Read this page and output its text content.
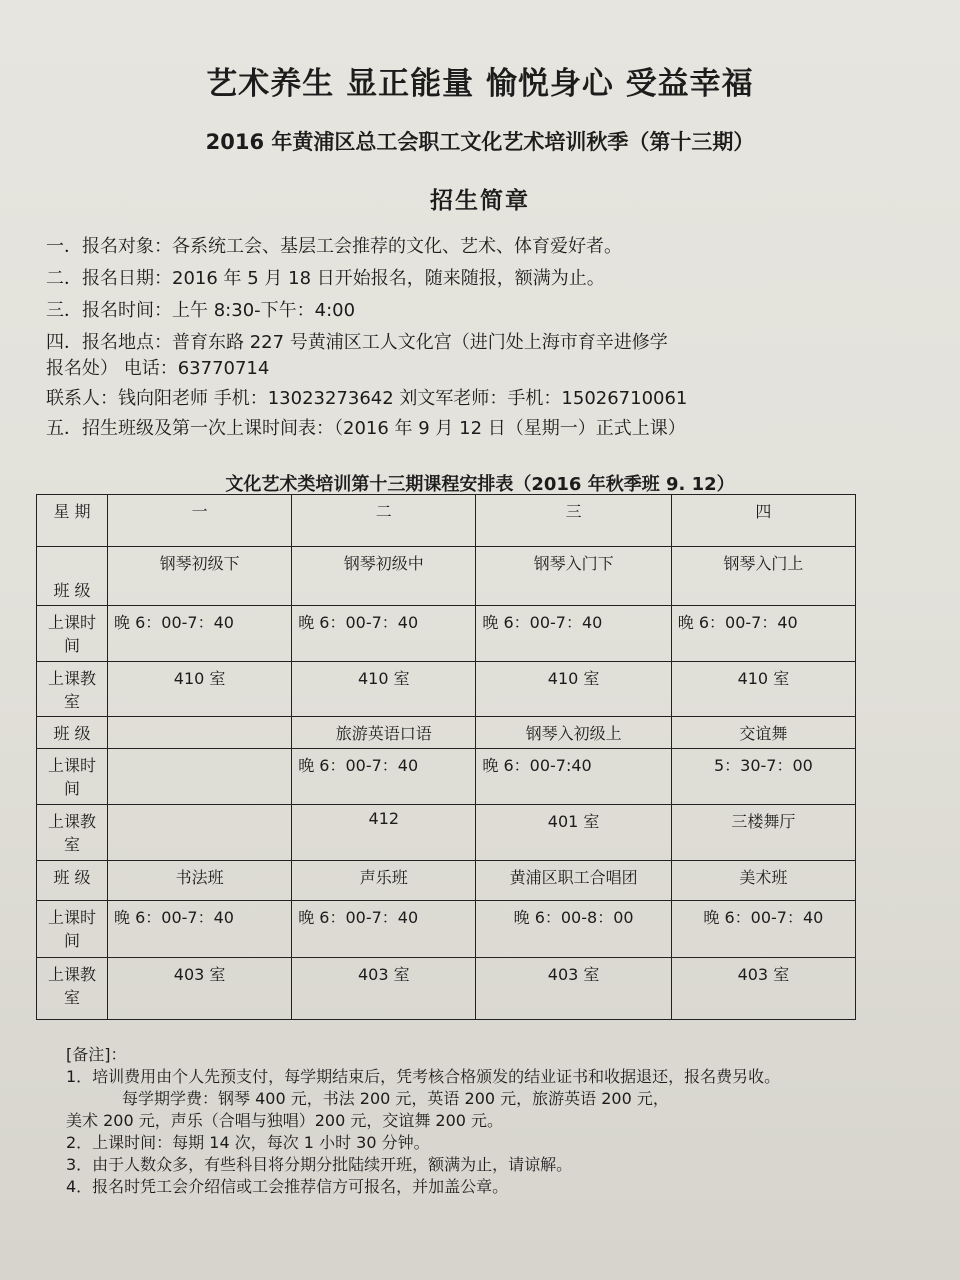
艺术养生 显正能量 愉悦身心 受益幸福
2016 年黄浦区总工会职工文化艺术培训秋季（第十三期）
招生简章
一．报名对象：各系统工会、基层工会推荐的文化、艺术、体育爱好者。
二．报名日期：2016 年 5 月 18 日开始报名，随来随报，额满为止。
三．报名时间：上午 8:30-下午：4:00
四．报名地点：普育东路 227 号黄浦区工人文化宫（进门处上海市育辛进修学
报名处） 电话：63770714
联系人：钱向阳老师 手机：13023273642 刘文军老师：手机：15026710061
五．招生班级及第一次上课时间表：（2016 年 9 月 12 日（星期一）正式上课）
文化艺术类培训第十三期课程安排表（2016 年秋季班 9. 12）
星 期	一	二	三	四
班 级	钢琴初级下	钢琴初级中	钢琴入门下	钢琴入门上
上课时间	晚 6：00-7：40	晚 6：00-7：40	晚 6：00-7：40	晚 6：00-7：40
上课教室	410 室	410 室	410 室	410 室
班 级		旅游英语口语	钢琴入初级上	交谊舞
上课时间		晚 6：00-7：40	晚 6：00-7:40	5：30-7：00
上课教室		412	401 室	三楼舞厅
班 级	书法班	声乐班	黄浦区职工合唱团	美术班
上课时间	晚 6：00-7：40	晚 6：00-7：40	晚 6：00-8：00	晚 6：00-7：40
上课教室	403 室	403 室	403 室	403 室

[备注]：

1．培训费用由个人先预支付，每学期结束后，凭考核合格颁发的结业证书和收据退还，报名费另收。

每学期学费：钢琴 400 元，书法 200 元，英语 200 元，旅游英语 200 元，

美术 200 元，声乐（合唱与独唱）200 元，交谊舞 200 元。

2．上课时间：每期 14 次，每次 1 小时 30 分钟。

3．由于人数众多，有些科目将分期分批陆续开班，额满为止，请谅解。

4．报名时凭工会介绍信或工会推荐信方可报名，并加盖公章。
